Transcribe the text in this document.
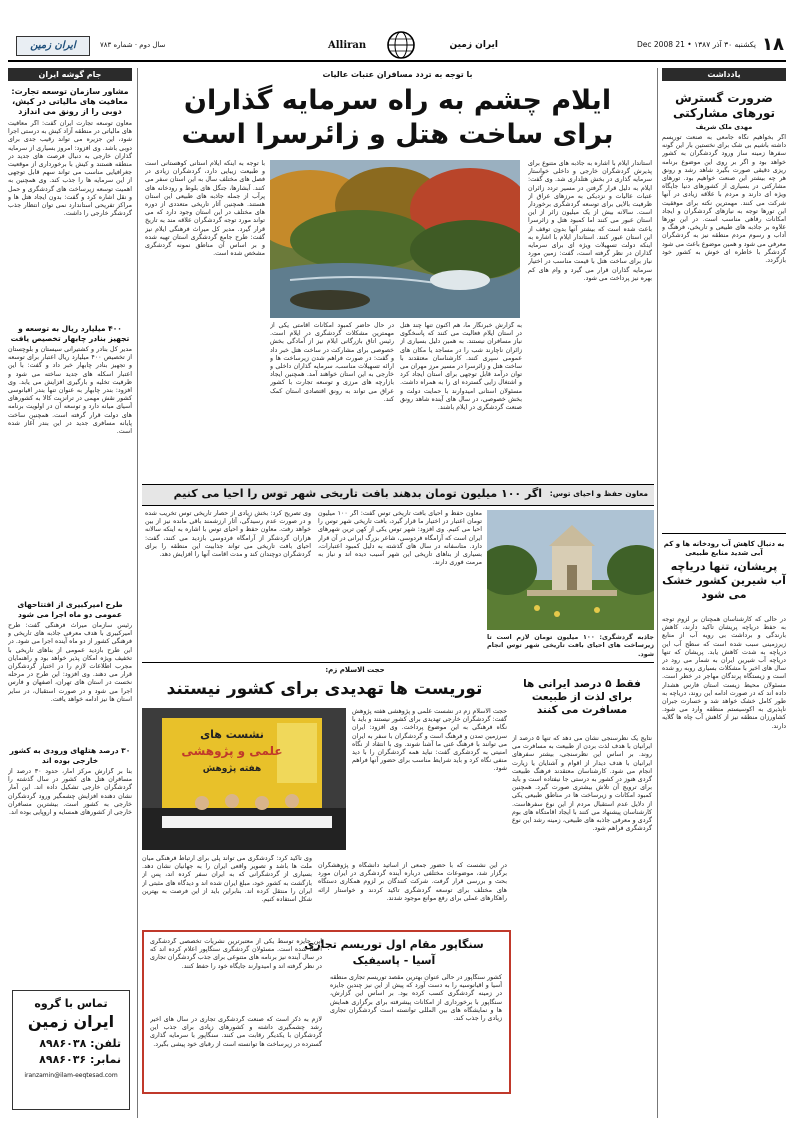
۱۸
یکشنبه ۳۰ آذر ۱۳۸۷ • 21 Dec 2008
ایران زمین
Alliran
سال دوم · شماره ۷۸۳
ایران زمین
یادداشت
ضرورت گسترش تورهای مشارکتی
مهدی ملک شریف
اگر بخواهیم نگاه جامعی به صنعت توریسم داشته باشیم بی شک برای نخستین بار این گونه سفرها زمینه ساز ورود گردشگران به کشور خواهد بود و اگر بر روی این موضوع برنامه ریزی دقیقی صورت بگیرد شاهد رشد و رونق هر چه بیشتر این صنعت خواهیم بود. تورهای مشارکتی در بسیاری از کشورهای دنیا جایگاه ویژه ای دارند و مردم با علاقه زیادی در آنها شرکت می کنند. مهمترین نکته برای موفقیت این تورها توجه به نیازهای گردشگران و ایجاد امکانات رفاهی مناسب است. در این تورها علاوه بر جاذبه های طبیعی و تاریخی، فرهنگ و آداب و رسوم مردم منطقه نیز به گردشگران معرفی می شود و همین موضوع باعث می شود گردشگر با خاطره ای خوش به کشور خود بازگردد.
به دنبال کاهش آب رودخانه ها و کم آبی شدید منابع طبیعی
پریشان، تنها دریاچه آب شیرین کشور خشک می شود
در حالی که کارشناسان همچنان بر لزوم توجه به حفظ دریاچه پریشان تاکید دارند، کاهش بارندگی و برداشت بی رویه آب از منابع زیرزمینی سبب شده است که سطح آب این دریاچه به شدت کاهش یابد. پریشان که تنها دریاچه آب شیرین ایران به شمار می رود در سال های اخیر با مشکلات بسیاری روبه رو شده است و زیستگاه پرندگان مهاجر در خطر است. مسئولان محیط زیست استان فارس هشدار داده اند که در صورت ادامه این روند، دریاچه به طور کامل خشک خواهد شد و خسارت جبران ناپذیری به اکوسیستم منطقه وارد می شود. کشاورزان منطقه نیز از کاهش آب چاه ها گلایه دارند.
جام گوشه ایران
مشاور سازمان توسعه تجارت: معافیت های مالیاتی در کیش، دوبی را از رونق می اندازد
معاون توسعه تجارت ایران گفت: اگر معافیت های مالیاتی در منطقه آزاد کیش به درستی اجرا شود، این جزیره می تواند رقیب جدی برای دوبی باشد. وی افزود: امروز بسیاری از سرمایه گذاران خارجی به دنبال فرصت های جدید در منطقه هستند و کیش با برخورداری از موقعیت جغرافیایی مناسب می تواند سهم قابل توجهی از این سرمایه ها را جذب کند. وی همچنین به اهمیت توسعه زیرساخت های گردشگری و حمل و نقل اشاره کرد و گفت: بدون ایجاد هتل ها و مراکز تفریحی استاندارد نمی توان انتظار جذب گردشگر خارجی را داشت.
۴۰۰ میلیارد ریال به توسعه و تجهیز بنادر چابهار تخصیص یافت
مدیر کل بنادر و کشتیرانی سیستان و بلوچستان از تخصیص ۴۰۰ میلیارد ریال اعتبار برای توسعه و تجهیز بنادر چابهار خبر داد و گفت: با این اعتبار اسکله های جدید ساخته می شود و ظرفیت تخلیه و بارگیری افزایش می یابد. وی افزود: بندر چابهار به عنوان تنها بندر اقیانوسی کشور نقش مهمی در ترانزیت کالا به کشورهای آسیای میانه دارد و توسعه آن در اولویت برنامه های دولت قرار گرفته است. همچنین ساخت پایانه مسافری جدید در این بندر آغاز شده است.
طرح امیرکبیری از افتتاحهای عمومی دو ماه اجرا می شود
رئیس سازمان میراث فرهنگی گفت: طرح امیرکبیری با هدف معرفی جاذبه های تاریخی و فرهنگی کشور از دو ماه آینده اجرا می شود. در این طرح بازدید عمومی از بناهای تاریخی با تخفیف ویژه امکان پذیر خواهد بود و راهنمایان مجرب اطلاعات لازم را در اختیار گردشگران قرار می دهند. وی افزود: این طرح در مرحله نخست در استان های تهران، اصفهان و فارس اجرا می شود و در صورت استقبال، در سایر استان ها نیز ادامه خواهد یافت.
۳۰ درصد هتلهای ورودی به کشور خارجی بوده اند
بنا بر گزارش مرکز آمار، حدود ۳۰ درصد از مسافران هتل های کشور در سال گذشته را گردشگران خارجی تشکیل داده اند. این آمار نشان دهنده افزایش چشمگیر ورود گردشگران خارجی به کشور است. بیشترین مسافران خارجی از کشورهای همسایه و اروپایی بوده اند.
تماس با گروه
ایران زمین
تلفن: ۸۹۸۶۰۳۸
نمابر: ۸۹۸۶۰۳۶
iranzamin@ilam-eeqtesad.com
با توجه به تردد مسافران عتبات عالیات
ایلام چشم به راه سرمایه گذاران
برای ساخت هتل و زائرسرا است
استاندار ایلام با اشاره به جاذبه های متنوع برای پذیرش گردشگران خارجی و داخلی خواستار سرمایه گذاری در بخش هتلداری شد. وی گفت: ایلام به دلیل قرار گرفتن در مسیر تردد زائران عتبات عالیات و نزدیکی به مرزهای عراق از ظرفیت بالایی برای توسعه گردشگری برخوردار است. سالانه بیش از یک میلیون زائر از این استان عبور می کنند اما کمبود هتل و زائرسرا باعث شده است که بیشتر آنها بدون توقف از این استان عبور کنند. استاندار ایلام با اشاره به اینکه دولت تسهیلات ویژه ای برای سرمایه گذاران در نظر گرفته است، گفت: زمین مورد نیاز برای ساخت هتل با قیمت مناسب در اختیار سرمایه گذاران قرار می گیرد و وام های کم بهره نیز پرداخت می شود.
با توجه به اینکه ایلام استانی کوهستانی است و طبیعت زیبایی دارد، گردشگران زیادی در فصل های مختلف سال به این استان سفر می کنند. آبشارها، جنگل های بلوط و رودخانه های پرآب از جمله جاذبه های طبیعی این استان هستند. همچنین آثار تاریخی متعددی از دوره های مختلف در این استان وجود دارد که می تواند مورد توجه گردشگران علاقه مند به تاریخ قرار گیرد. مدیر کل میراث فرهنگی ایلام نیز گفت: طرح جامع گردشگری استان تهیه شده و بر اساس آن مناطق نمونه گردشگری مشخص شده است.
به گزارش خبرنگار ما، هم اکنون تنها چند هتل در استان ایلام فعالیت می کنند که پاسخگوی نیاز مسافران نیستند. به همین دلیل بسیاری از زائران ناچارند شب را در مساجد یا مکان های عمومی سپری کنند. کارشناسان معتقدند با ساخت هتل و زائرسرا در مسیر مرز مهران می توان درآمد قابل توجهی برای استان ایجاد کرد و اشتغال زایی گسترده ای را به همراه داشت. مسئولان استانی امیدوارند با حمایت دولت و بخش خصوصی، در سال های آینده شاهد رونق صنعت گردشگری در ایلام باشند.
در حال حاضر کمبود امکانات اقامتی یکی از مهمترین مشکلات گردشگری در ایلام است. رئیس اتاق بازرگانی ایلام نیز از آمادگی بخش خصوصی برای مشارکت در ساخت هتل خبر داد و گفت: در صورت فراهم شدن زیرساخت ها و ارائه تسهیلات مناسب، سرمایه گذاران داخلی و خارجی به این استان خواهند آمد. همچنین ایجاد بازارچه های مرزی و توسعه تجارت با کشور عراق می تواند به رونق اقتصادی استان کمک کند.
معاون حفظ و احیای توس:
اگر ۱۰۰ میلیون تومان بدهند بافت تاریخی شهر توس را احیا می کنیم
جاذبه گردشگری: ۱۰۰ میلیون تومان لازم است تا زیرساخت های احیای بافت تاریخی شهر توس انجام شود.
معاون حفظ و احیای بافت تاریخی توس گفت: اگر ۱۰۰ میلیون تومان اعتبار در اختیار ما قرار گیرد، بافت تاریخی شهر توس را احیا می کنیم. وی افزود: شهر توس یکی از کهن ترین شهرهای ایران است که آرامگاه فردوسی، شاعر بزرگ ایرانی در آن قرار دارد. متاسفانه در سال های گذشته به دلیل کمبود اعتبارات، بسیاری از بناهای تاریخی این شهر آسیب دیده اند و نیاز به مرمت فوری دارند.
وی تصریح کرد: بخش زیادی از حصار تاریخی توس تخریب شده و در صورت عدم رسیدگی، آثار ارزشمند باقی مانده نیز از بین خواهد رفت. معاون حفظ و احیای توس با اشاره به اینکه سالانه هزاران گردشگر از آرامگاه فردوسی بازدید می کنند، گفت: احیای بافت تاریخی می تواند جذابیت این منطقه را برای گردشگران دوچندان کند و مدت اقامت آنها را افزایش دهد.
حجت الاسلام زم:
توریست ها تهدیدی برای کشور نیستند
نشست های
علمی و پژوهشی
هفته پژوهش
حجت الاسلام زم در نشست علمی و پژوهشی هفته پژوهش گفت: گردشگران خارجی تهدیدی برای کشور نیستند و باید با نگاه فرهنگی به این موضوع پرداخت. وی افزود: ایران سرزمین تمدن و فرهنگ است و گردشگران با سفر به ایران می توانند با فرهنگ غنی ما آشنا شوند. وی با انتقاد از نگاه امنیتی به گردشگری گفت: نباید همه گردشگران را با دید منفی نگاه کرد و باید شرایط مناسب برای حضور آنها فراهم شود.
وی تاکید کرد: گردشگری می تواند پلی برای ارتباط فرهنگی میان ملت ها باشد و تصویر واقعی ایران را به جهانیان نشان دهد. بسیاری از گردشگرانی که به ایران سفر کرده اند، پس از بازگشت به کشور خود، مبلغ ایران شده اند و دیدگاه های مثبتی از ایران را منتقل کرده اند. بنابراین باید از این فرصت به بهترین شکل استفاده کنیم.
در این نشست که با حضور جمعی از اساتید دانشگاه و پژوهشگران برگزار شد، موضوعات مختلفی درباره آینده گردشگری در ایران مورد بحث و بررسی قرار گرفت. شرکت کنندگان بر لزوم همکاری دستگاه های مختلف برای توسعه گردشگری تاکید کردند و خواستار ارائه راهکارهای عملی برای رفع موانع موجود شدند.
فقط ۵ درصد ایرانی ها برای لذت از طبیعت مسافرت می کنند
نتایج یک نظرسنجی نشان می دهد که تنها ۵ درصد از ایرانیان با هدف لذت بردن از طبیعت به مسافرت می روند. بر اساس این نظرسنجی، بیشتر سفرهای ایرانیان با هدف دیدار از اقوام و آشنایان یا زیارت انجام می شود. کارشناسان معتقدند فرهنگ طبیعت گردی هنوز در کشور به درستی جا نیفتاده است و باید برای ترویج آن تلاش بیشتری صورت گیرد. همچنین کمبود امکانات و زیرساخت ها در مناطق طبیعی یکی از دلایل عدم استقبال مردم از این نوع سفرهاست. کارشناسان پیشنهاد می کنند با ایجاد اقامتگاه های بوم گردی و معرفی جاذبه های طبیعی، زمینه رشد این نوع گردشگری فراهم شود.
سنگاپور مقام اول توریسم تجاری
آسیا - پاسیفیک
کشور سنگاپور در حالی عنوان بهترین مقصد توریسم تجاری منطقه آسیا و اقیانوسیه را به دست آورد که پیش از این نیز چندین جایزه در زمینه گردشگری کسب کرده بود. بر اساس این گزارش، سنگاپور با برخورداری از امکانات پیشرفته برای برگزاری همایش ها و نمایشگاه های بین المللی توانسته است گردشگران تجاری زیادی را جذب کند.
این جایزه توسط یکی از معتبرترین نشریات تخصصی گردشگری اعطا شده است. مسئولان گردشگری سنگاپور اعلام کرده اند که در سال آینده نیز برنامه های متنوعی برای جذب گردشگران تجاری در نظر گرفته اند و امیدوارند جایگاه خود را حفظ کنند.
لازم به ذکر است که صنعت گردشگری تجاری در سال های اخیر رشد چشمگیری داشته و کشورهای زیادی برای جذب این گردشگران با یکدیگر رقابت می کنند. سنگاپور با سرمایه گذاری گسترده در زیرساخت ها توانسته است از رقبای خود پیشی بگیرد.
